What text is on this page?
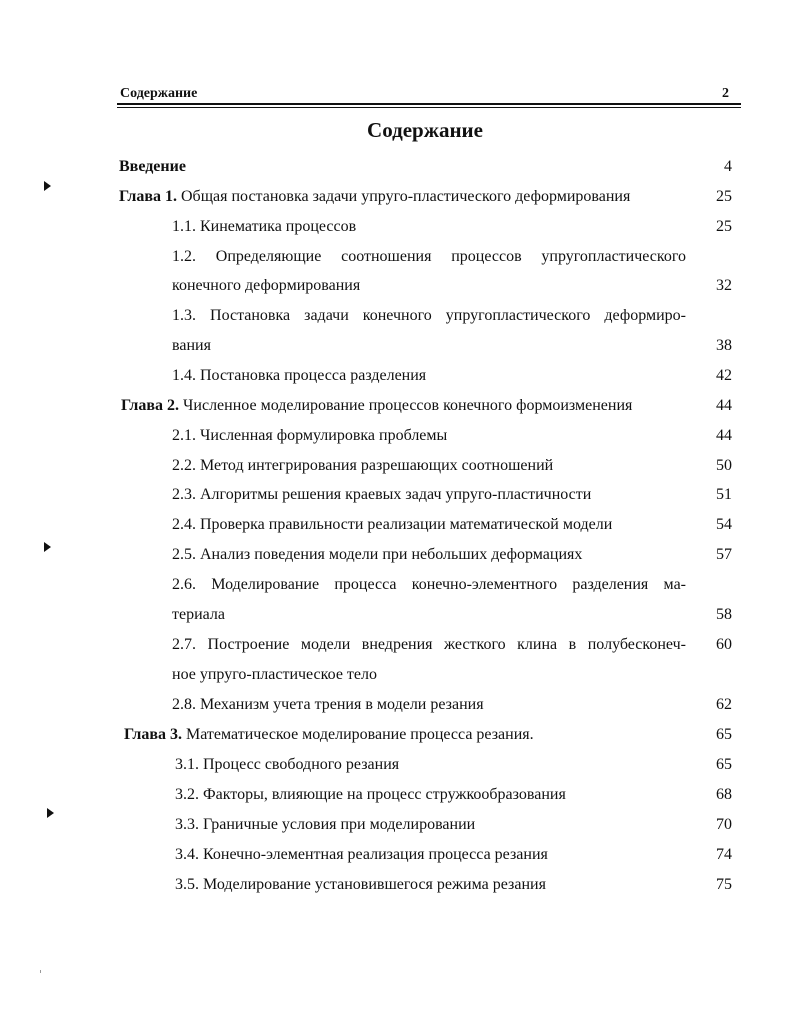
Содержание	2
Содержание
Введение	4
Глава 1. Общая постановка задачи упруго-пластического деформирования	25
1.1. Кинематика процессов	25
1.2. Определяющие соотношения процессов упругопластического
конечного деформирования	32
1.3. Постановка задачи конечного упругопластического деформиро-
вания	38
1.4. Постановка процесса разделения	42
Глава 2. Численное моделирование процессов конечного формоизменения	44
2.1. Численная формулировка проблемы	44
2.2. Метод интегрирования разрешающих соотношений	50
2.3. Алгоритмы решения краевых задач упруго-пластичности	51
2.4. Проверка правильности реализации математической модели	54
2.5. Анализ поведения модели при небольших деформациях	57
2.6. Моделирование процесса конечно-элементного разделения ма-
териала	58
2.7. Построение модели внедрения жесткого клина в полубесконеч-	60
ное упруго-пластическое тело
2.8. Механизм учета трения в модели резания	62
Глава 3. Математическое моделирование процесса резания.	65
3.1. Процесс свободного резания	65
3.2. Факторы, влияющие на процесс стружкообразования	68
3.3. Граничные условия при моделировании	70
3.4. Конечно-элементная реализация процесса резания	74
3.5. Моделирование установившегося режима резания	75
